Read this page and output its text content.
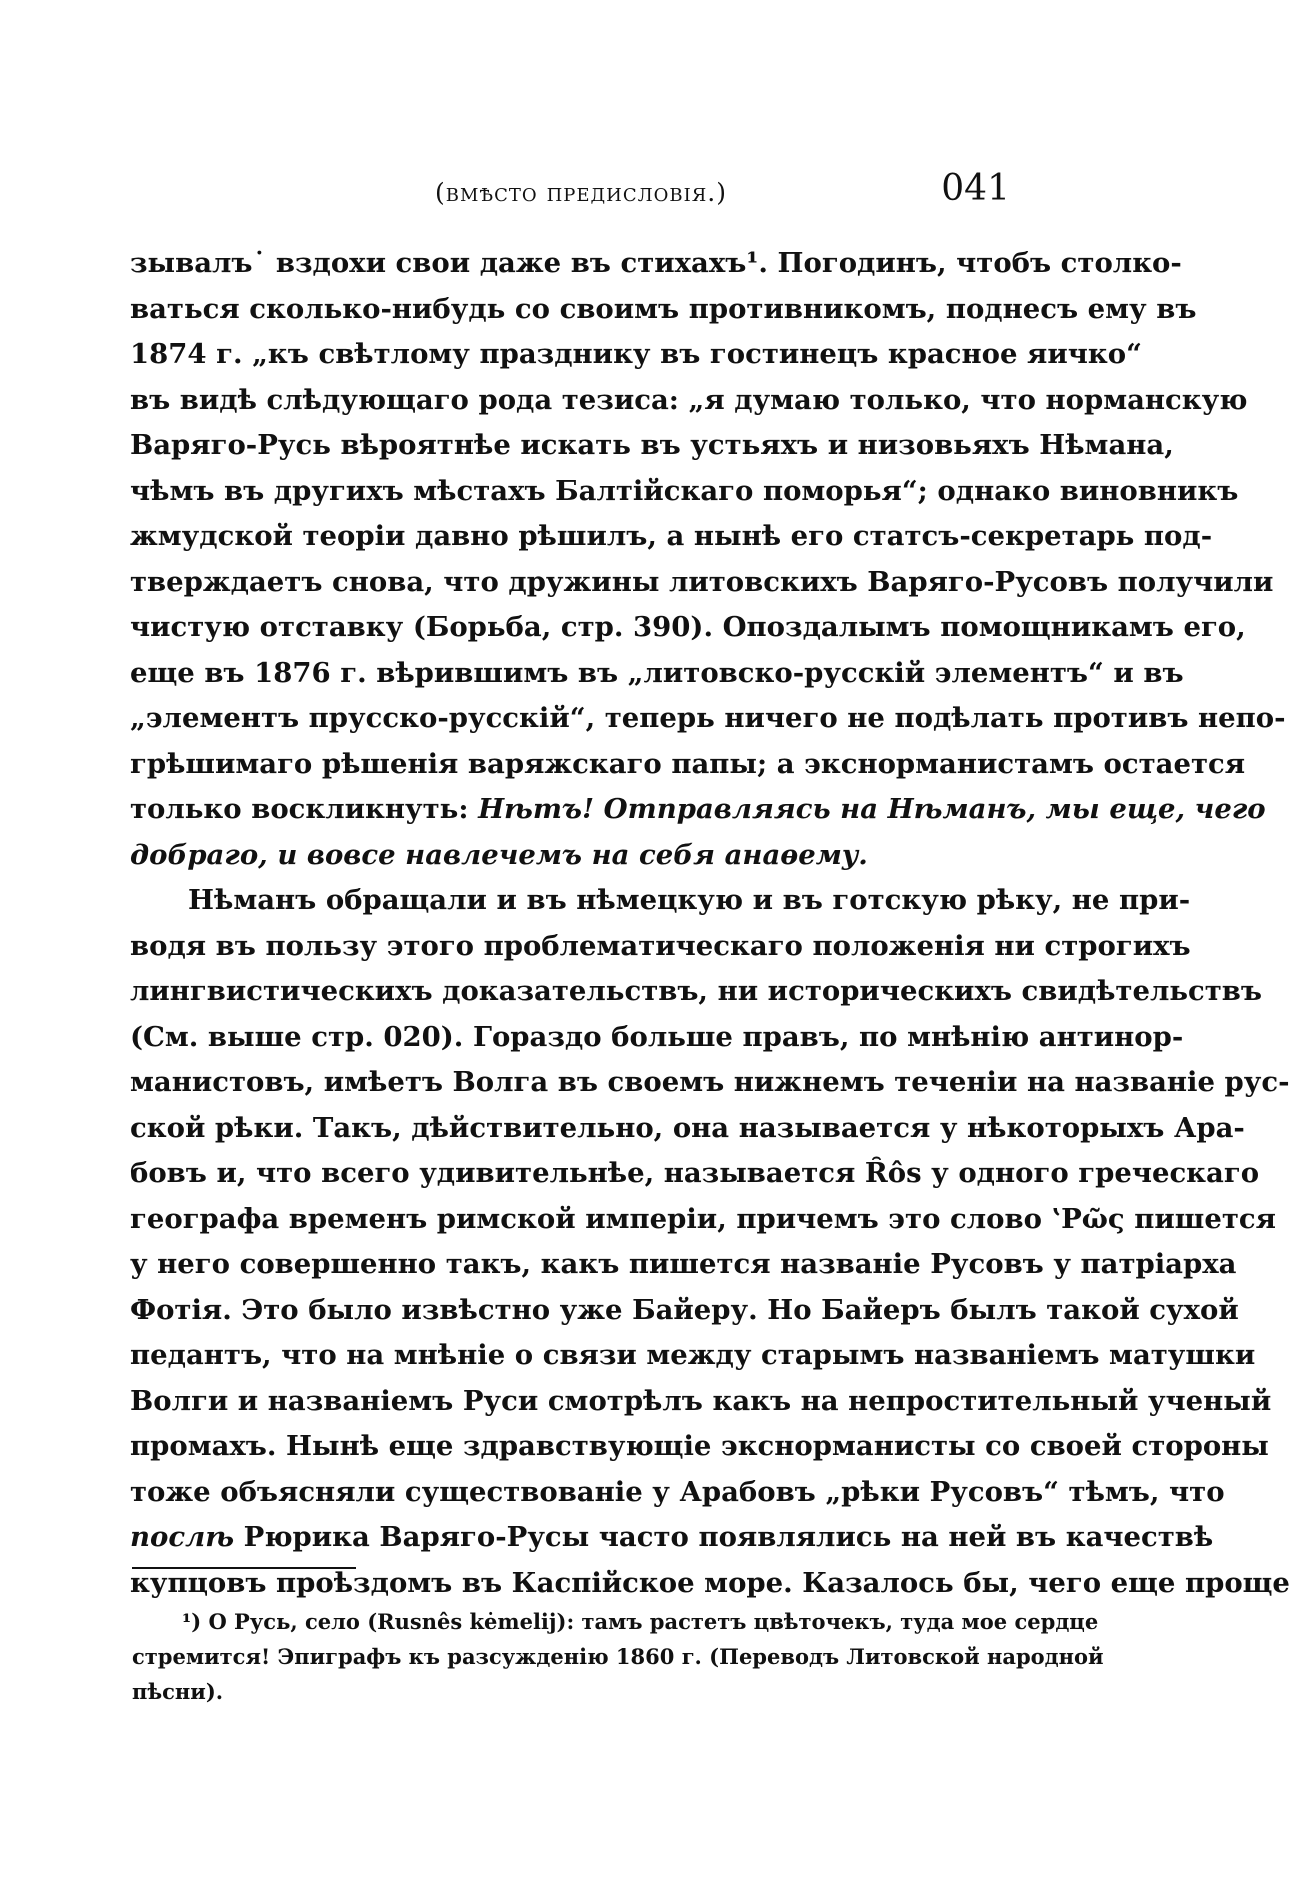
(вмѣсто предисловія.)	041

зывалъ˙ вздохи свои даже въ стихахъ¹. Погодинъ, чтобъ столко-
ваться сколько-нибудь со своимъ противникомъ, поднесъ ему въ
1874 г. „къ свѣтлому празднику въ гостинецъ красное яичко“
въ видѣ слѣдующаго рода тезиса: „я думаю только, что норманскую
Варяго-Русь вѣроятнѣе искать въ устьяхъ и низовьяхъ Нѣмана,
чѣмъ въ другихъ мѣстахъ Балтійскаго поморья“; однако виновникъ
жмудской теоріи давно рѣшилъ, а нынѣ его статсъ-секретарь под-
тверждаетъ снова, что дружины литовскихъ Варяго-Русовъ получили
чистую отставку (Борьба, стр. 390). Опоздалымъ помощникамъ его,
еще въ 1876 г. вѣрившимъ въ „литовско-русскій элементъ“ и въ
„элементъ прусско-русскій“, теперь ничего не подѣлать противъ непо-
грѣшимаго рѣшенія варяжскаго папы; а экснорманистамъ остается
только воскликнуть: Нѣтъ! Отправляясь на Нѣманъ, мы еще, чего
добраго, и вовсе навлечемъ на себя анаѳему.

Нѣманъ обращали и въ нѣмецкую и въ готскую рѣку, не при-
водя въ пользу этого проблематическаго положенія ни строгихъ
лингвистическихъ доказательствъ, ни историческихъ свидѣтельствъ
(См. выше стр. 020). Гораздо больше правъ, по мнѣнію антинор-
манистовъ, имѣетъ Волга въ своемъ нижнемъ теченіи на названіе рус-
ской рѣки. Такъ, дѣйствительно, она называется у нѣкоторыхъ Ара-
бовъ и, что всего удивительнѣе, называется Ȓôs у одного греческаго
географа временъ римской имперіи, причемъ это слово ʽΡῶς пишется
у него совершенно такъ, какъ пишется названіе Русовъ у патріарха
Фотія. Это было извѣстно уже Байеру. Но Байеръ былъ такой сухой
педантъ, что на мнѣніе о связи между старымъ названіемъ матушки
Волги и названіемъ Руси смотрѣлъ какъ на непростительный ученый
промахъ. Нынѣ еще здравствующіе экснорманисты со своей стороны
тоже объясняли существованіе у Арабовъ „рѣки Русовъ“ тѣмъ, что
послѣ Рюрика Варяго-Русы часто появлялись на ней въ качествѣ
купцовъ проѣздомъ въ Каспійское море. Казалось бы, чего еще проще

¹) О Русь, село (Rusnês kėmelij): тамъ растетъ цвѣточекъ, туда мое сердце
стремится! Эпиграфъ къ разсужденію 1860 г. (Переводъ Литовской народной
пѣсни).
